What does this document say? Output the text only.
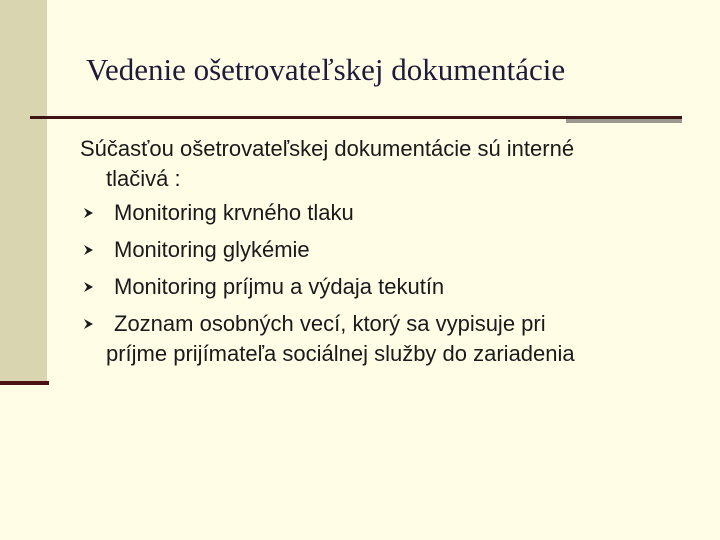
Vedenie ošetrovateľskej dokumentácie
Súčasťou ošetrovateľskej dokumentácie sú interné
tlačivá :
Monitoring krvného tlaku
Monitoring glykémie
Monitoring príjmu a výdaja tekutín
Zoznam osobných vecí, ktorý sa vypisuje pri
príjme prijímateľa sociálnej služby do zariadenia
